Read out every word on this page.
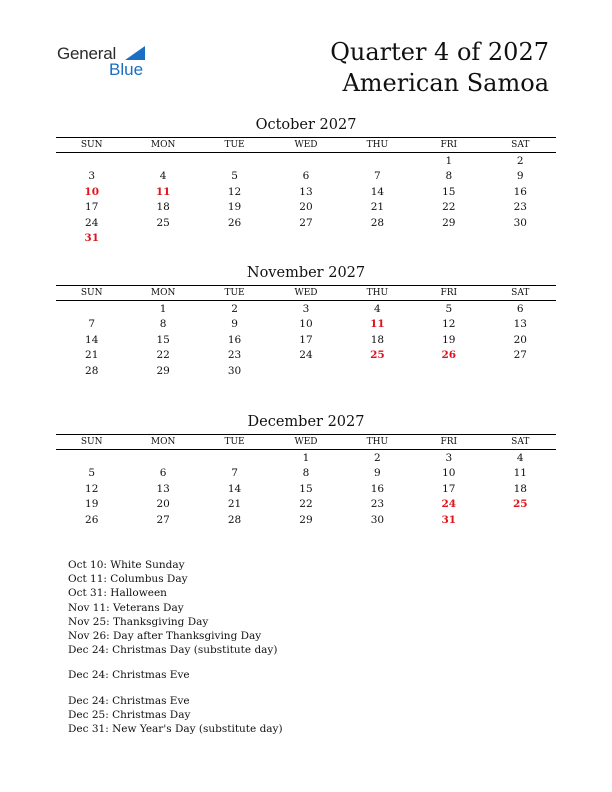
General
Blue
Quarter 4 of 2027
American Samoa
October 2027
SUN	MON	TUE	WED	THU	FRI	SAT
					1	2
3	4	5	6	7	8	9
10	11	12	13	14	15	16
17	18	19	20	21	22	23
24	25	26	27	28	29	30
31						
November 2027
SUN	MON	TUE	WED	THU	FRI	SAT
	1	2	3	4	5	6
7	8	9	10	11	12	13
14	15	16	17	18	19	20
21	22	23	24	25	26	27
28	29	30				
December 2027
SUN	MON	TUE	WED	THU	FRI	SAT
			1	2	3	4
5	6	7	8	9	10	11
12	13	14	15	16	17	18
19	20	21	22	23	24	25
26	27	28	29	30	31	
Oct 10: White Sunday
Oct 11: Columbus Day
Oct 31: Halloween
Nov 11: Veterans Day
Nov 25: Thanksgiving Day
Nov 26: Day after Thanksgiving Day
Dec 24: Christmas Day (substitute day)
Dec 24: Christmas Eve
Dec 24: Christmas Eve
Dec 25: Christmas Day
Dec 31: New Year's Day (substitute day)
